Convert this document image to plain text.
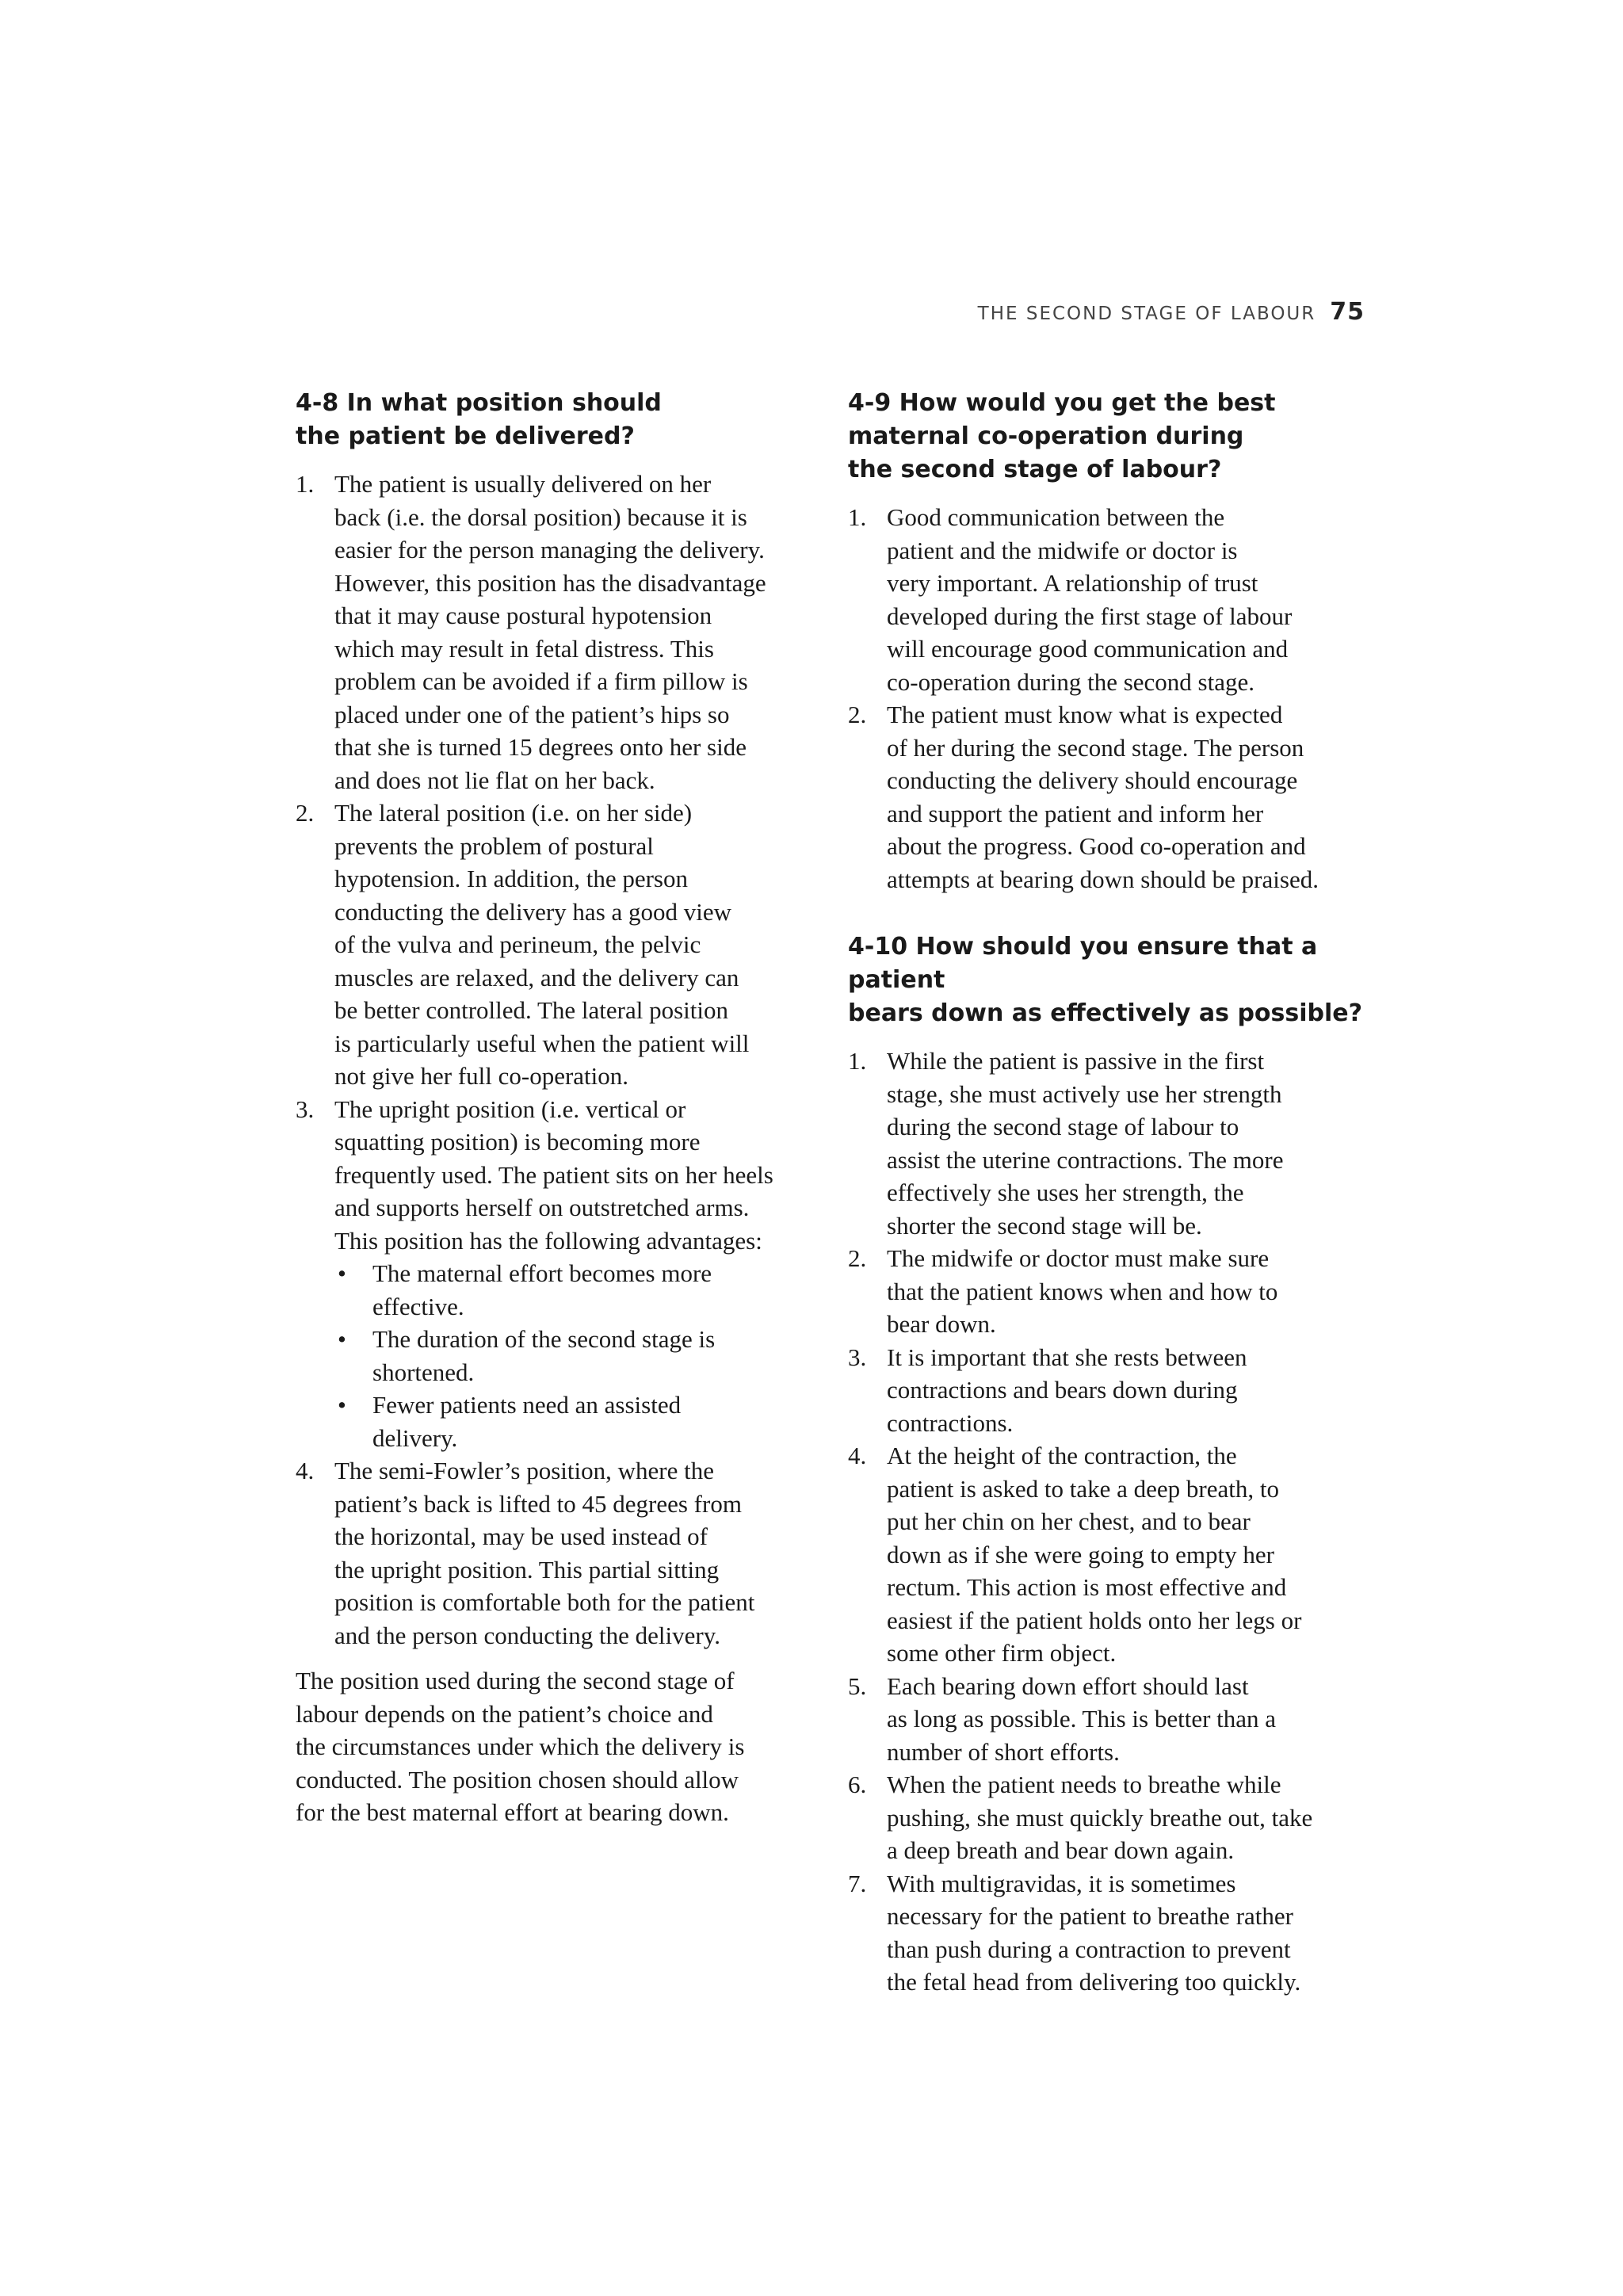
THE SECOND STAGE OF LABOUR 75
4-8 In what position should
the patient be delivered?
1. The patient is usually delivered on her
back (i.e. the dorsal position) because it is
easier for the person managing the delivery.
However, this position has the disadvantage
that it may cause postural hypotension
which may result in fetal distress. This
problem can be avoided if a firm pillow is
placed under one of the patient’s hips so
that she is turned 15 degrees onto her side
and does not lie flat on her back.
2. The lateral position (i.e. on her side)
prevents the problem of postural
hypotension. In addition, the person
conducting the delivery has a good view
of the vulva and perineum, the pelvic
muscles are relaxed, and the delivery can
be better controlled. The lateral position
is particularly useful when the patient will
not give her full co-operation.
3. The upright position (i.e. vertical or
squatting position) is becoming more
frequently used. The patient sits on her heels
and supports herself on outstretched arms.
This position has the following advantages:
• The maternal effort becomes more
effective.
• The duration of the second stage is
shortened.
• Fewer patients need an assisted
delivery.
4. The semi-Fowler’s position, where the
patient’s back is lifted to 45 degrees from
the horizontal, may be used instead of
the upright position. This partial sitting
position is comfortable both for the patient
and the person conducting the delivery.

The position used during the second stage of
labour depends on the patient’s choice and
the circumstances under which the delivery is
conducted. The position chosen should allow
for the best maternal effort at bearing down.

4-9 How would you get the best
maternal co-operation during
the second stage of labour?
1. Good communication between the
patient and the midwife or doctor is
very important. A relationship of trust
developed during the first stage of labour
will encourage good communication and
co-operation during the second stage.
2. The patient must know what is expected
of her during the second stage. The person
conducting the delivery should encourage
and support the patient and inform her
about the progress. Good co-operation and
attempts at bearing down should be praised.
4-10 How should you ensure that a patient
bears down as effectively as possible?
1. While the patient is passive in the first
stage, she must actively use her strength
during the second stage of labour to
assist the uterine contractions. The more
effectively she uses her strength, the
shorter the second stage will be.
2. The midwife or doctor must make sure
that the patient knows when and how to
bear down.
3. It is important that she rests between
contractions and bears down during
contractions.
4. At the height of the contraction, the
patient is asked to take a deep breath, to
put her chin on her chest, and to bear
down as if she were going to empty her
rectum. This action is most effective and
easiest if the patient holds onto her legs or
some other firm object.
5. Each bearing down effort should last
as long as possible. This is better than a
number of short efforts.
6. When the patient needs to breathe while
pushing, she must quickly breathe out, take
a deep breath and bear down again.
7. With multigravidas, it is sometimes
necessary for the patient to breathe rather
than push during a contraction to prevent
the fetal head from delivering too quickly.
